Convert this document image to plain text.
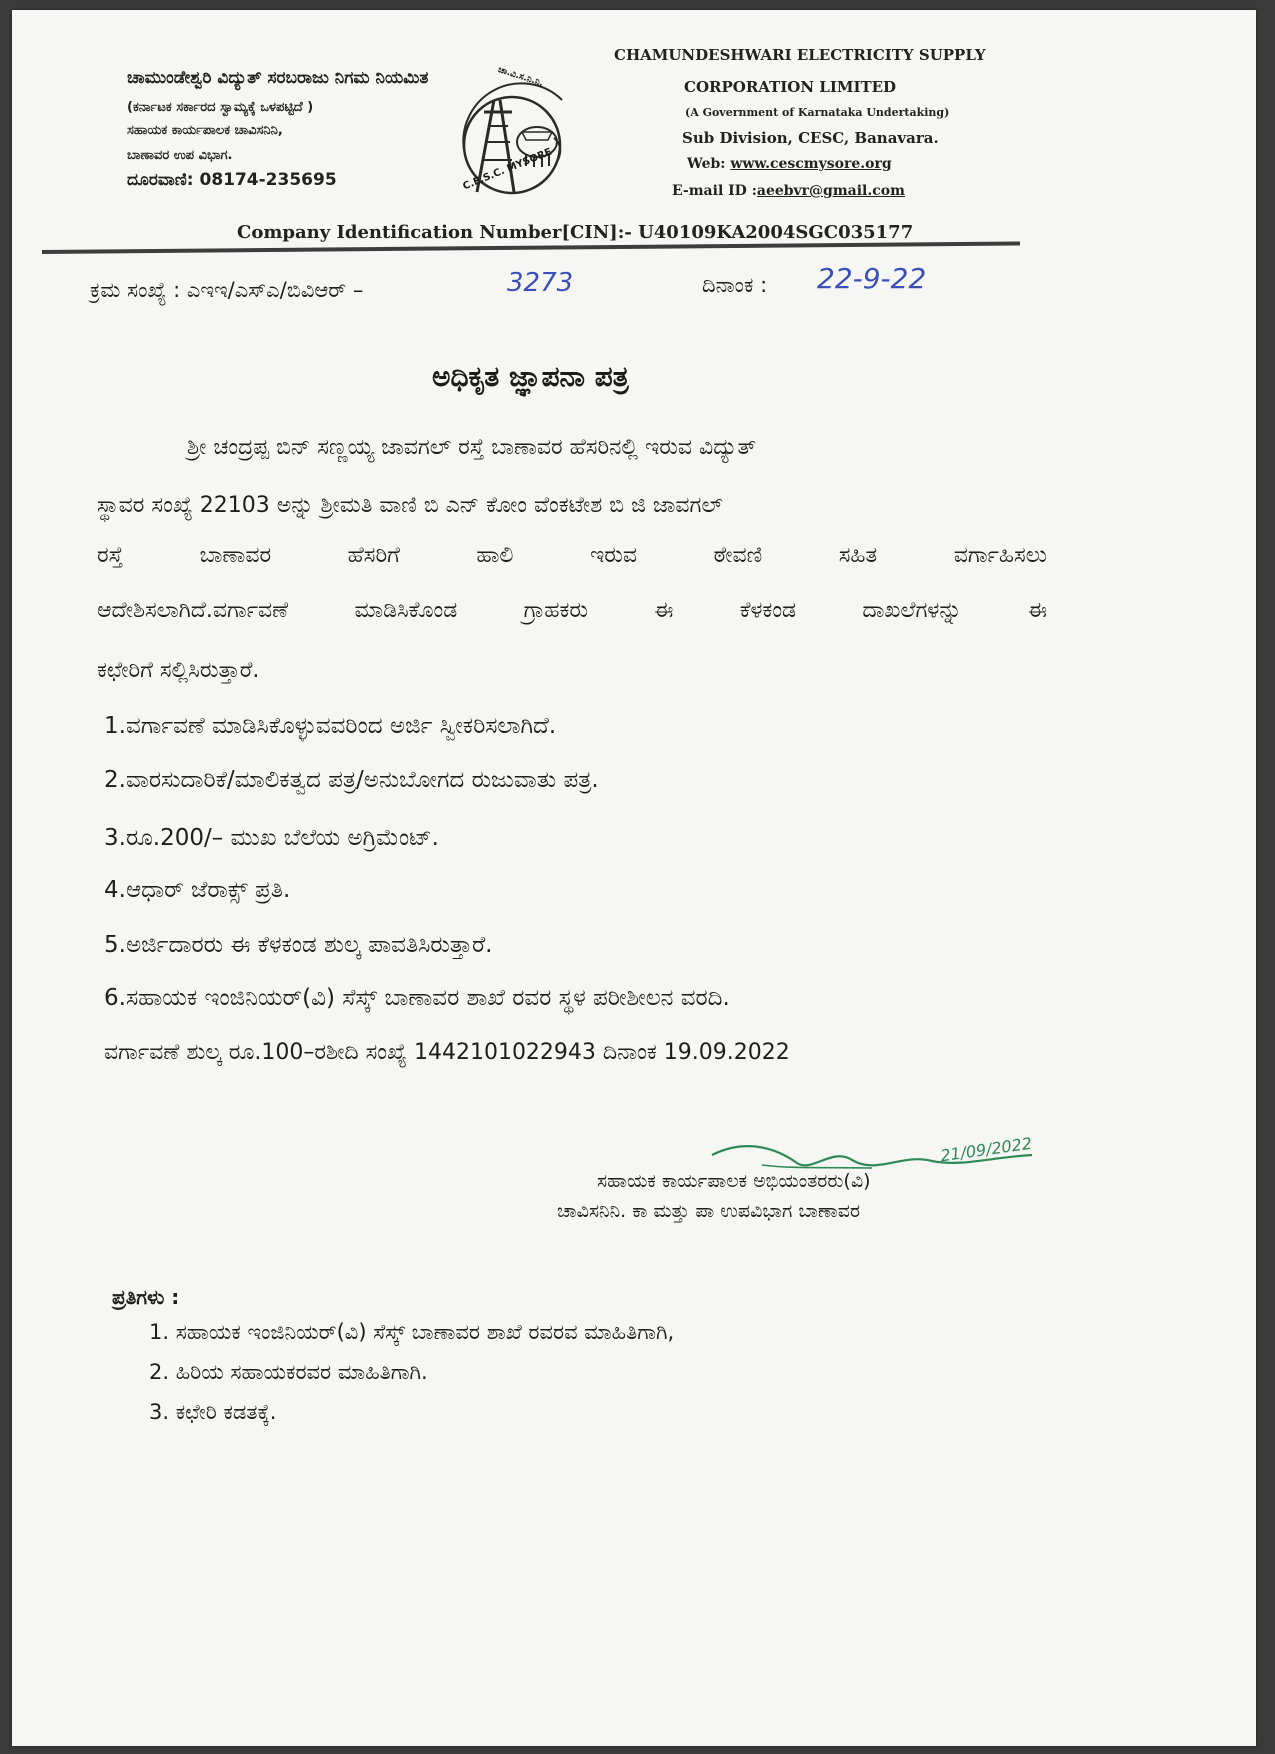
ಚಾಮುಂಡೇಶ್ವರಿ ವಿದ್ಯುತ್ ಸರಬರಾಜು ನಿಗಮ ನಿಯಮಿತ
(ಕರ್ನಾಟಕ ಸರ್ಕಾರದ ಸ್ವಾಮ್ಯಕ್ಕೆ ಒಳಪಟ್ಟಿದೆ )
ಸಹಾಯಕ ಕಾರ್ಯಪಾಲಕ ಚಾವಿಸನಿನಿ,
ಬಾಣಾವರ ಉಪ ವಿಭಾಗ.
ದೂರವಾಣಿ: 08174-235695
ಚಾ.ವಿ.ಸ.ನಿ.ನಿ.
C.E.S.C. MYSORE
CHAMUNDESHWARI ELECTRICITY SUPPLY
CORPORATION LIMITED
(A Government of Karnataka Undertaking)
Sub Division, CESC, Banavara.
Web: www.cescmysore.org
E-mail ID :aeebvr@gmail.com
Company Identification Number[CIN]:- U40109KA2004SGC035177
ಕ್ರಮ ಸಂಖ್ಯೆ : ಎಇಇ/ಎಸ್ಎ/ಬಿವಿಆರ್ –	3273	ದಿನಾಂಕ : 22-9-22
ಅಧಿಕೃತ ಜ್ಞಾಪನಾ ಪತ್ರ
ಶ್ರೀ ಚಂದ್ರಪ್ಪ ಬಿನ್ ಸಣ್ಣಯ್ಯ ಜಾವಗಲ್ ರಸ್ತೆ ಬಾಣಾವರ ಹೆಸರಿನಲ್ಲಿ ಇರುವ ವಿದ್ಯುತ್
ಸ್ಥಾವರ ಸಂಖ್ಯೆ 22103 ಅನ್ನು ಶ್ರೀಮತಿ ವಾಣಿ ಬಿ ಎನ್ ಕೋಂ ವೆಂಕಟೇಶ ಬಿ ಜಿ ಜಾವಗಲ್
ರಸ್ತೆ	ಬಾಣಾವರ	ಹೆಸರಿಗೆ	ಹಾಲಿ	ಇರುವ	ಠೇವಣಿ	ಸಹಿತ	ವರ್ಗಾಹಿಸಲು
ಆದೇಶಿಸಲಾಗಿದೆ.ವರ್ಗಾವಣೆ	ಮಾಡಿಸಿಕೊಂಡ	ಗ್ರಾಹಕರು	ಈ	ಕೆಳಕಂಡ	ದಾಖಲೆಗಳನ್ನು	ಈ
ಕಛೇರಿಗೆ ಸಲ್ಲಿಸಿರುತ್ತಾರೆ.
1.ವರ್ಗಾವಣೆ ಮಾಡಿಸಿಕೊಳ್ಳುವವರಿಂದ ಅರ್ಜಿ ಸ್ವೀಕರಿಸಲಾಗಿದೆ.
2.ವಾರಸುದಾರಿಕೆ/ಮಾಲಿಕತ್ವದ ಪತ್ರ/ಅನುಬೋಗದ ರುಜುವಾತು ಪತ್ರ.
3.ರೂ.200/– ಮುಖ ಬೆಲೆಯ ಅಗ್ರಿಮೆಂಟ್.
4.ಆಧಾರ್ ಜೆರಾಕ್ಸ್ ಪ್ರತಿ.
5.ಅರ್ಜಿದಾರರು ಈ ಕೆಳಕಂಡ ಶುಲ್ಕ ಪಾವತಿಸಿರುತ್ತಾರೆ.
6.ಸಹಾಯಕ ಇಂಜಿನಿಯರ್(ವಿ) ಸೆಸ್ಕ್ ಬಾಣಾವರ ಶಾಖೆ ರವರ ಸ್ಥಳ ಪರೀಶೀಲನ ವರದಿ.
ವರ್ಗಾವಣೆ ಶುಲ್ಕ ರೂ.100–ರಶೀದಿ ಸಂಖ್ಯೆ 1442101022943 ದಿನಾಂಕ 19.09.2022
21/09/2022
ಸಹಾಯಕ ಕಾರ್ಯಪಾಲಕ ಅಭಿಯಂತರರು(ವಿ)
ಚಾವಿಸನಿನಿ. ಕಾ ಮತ್ತು ಪಾ ಉಪವಿಭಾಗ ಬಾಣಾವರ
ಪ್ರತಿಗಳು :
1. ಸಹಾಯಕ ಇಂಜಿನಿಯರ್(ವಿ) ಸೆಸ್ಕ್ ಬಾಣಾವರ ಶಾಖೆ ರವರವ ಮಾಹಿತಿಗಾಗಿ,
2. ಹಿರಿಯ ಸಹಾಯಕರವರ ಮಾಹಿತಿಗಾಗಿ.
3. ಕಛೇರಿ ಕಡತಕ್ಕೆ.
